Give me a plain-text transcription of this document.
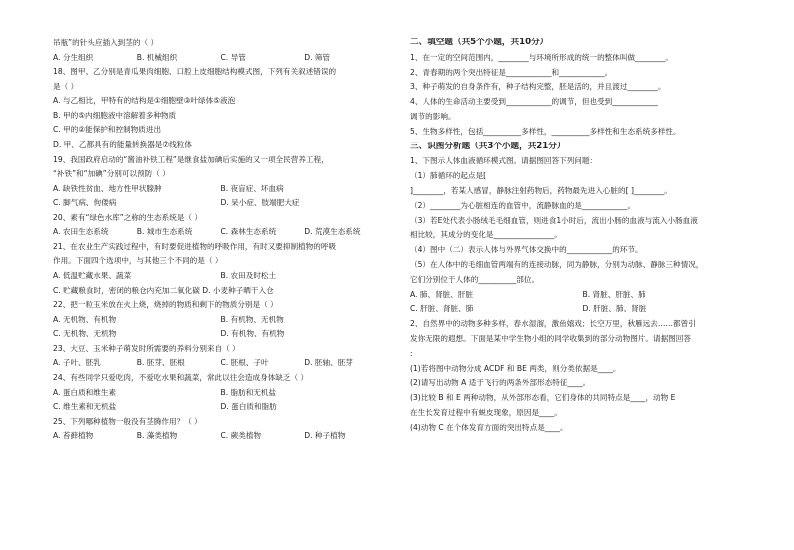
吊瓶”的针头应插入到茎的（ ）
A. 分生组织	B. 机械组织	C. 导管	D. 筛管
18、图甲、乙分别是青瓜果肉细胞、口腔上皮细胞结构模式图，下列有关叙述错误的
是（ ）
A. 与乙相比，甲特有的结构是①细胞壁③叶绿体⑤液泡
B. 甲的⑤内细胞液中溶解着多种物质
C. 甲的②能保护和控制物质进出
D. 甲、乙都具有的能量转换器是⑦线粒体
19、我国政府启动的“酱油补铁工程”是继食盐加碘后实施的又一项全民营养工程，
“补铁”和“加碘”分别可以预防（ ）
A. 缺铁性贫血、地方性甲状腺肿	B. 夜盲症、坏血病
C. 脚气病、佝偻病	D. 呆小症、肢端肥大症
20、素有“绿色水库”之称的生态系统是（ ）
A. 农田生态系统	B. 城市生态系统	C. 森林生态系统	D. 荒漠生态系统
21、在农业生产实践过程中，有时要促进植物的呼吸作用，有时又要抑制植物的呼吸
作用。下面四个选项中，与其他三个不同的是（ ）
A. 低温贮藏水果、蔬菜	B. 农田及时松土
C. 贮藏粮食时，密闭的粮仓内充加二氧化碳 D. 小麦种子晒干入仓
22、把一粒玉米放在火上烧，烧掉的物质和剩下的物质分别是（ ）
A. 无机物、有机物	B. 有机物、无机物
C. 无机物、无机物	D. 有机物、有机物
23、大豆、玉米种子萌发时所需要的养料分别来自（ ）
A. 子叶、胚乳	B. 胚芽、胚根	C. 胚根、子叶	D. 胚轴、胚芽
24、有些同学只爱吃肉，不爱吃水果和蔬菜，常此以往会造成身体缺乏（ ）
A. 蛋白质和维生素	B. 脂肪和无机盐
C. 维生素和无机盐	D. 蛋白质和脂肪
25、下列哪种植物一般没有茎腾作用？（ ）
A. 苔藓植物	B. 藻类植物	C. 蕨类植物	D. 种子植物
二、填空题（共5个小题，共10分）
1、在一定的空间范围内，________与环境所形成的统一的整体叫做________。
2、青春期的两个突出特征是____________和____________。
3、种子萌发的自身条件有，种子结构完整，胚是活的，并且渡过________。
4、人体的生命活动主要受到____________的调节，但也受到____________
调节的影响。
5、生物多样性，包括__________多样性，__________多样性和生态系统多样性。
三、识图分析题（共3个小题，共21分）
1、下图示人体血液循环模式图。请据图回答下列问题：
（1）肺循环的起点是[
]________，若某人感冒，静脉注射药物后，药物最先进入心脏的[ ]________。
（2）________为心脏相连的血管中，流静脉血的是____________。
（3）若E处代表小肠绒毛毛细血管，则进食1小时后，流出小肠的血液与流入小肠血液
相比较，其成分的变化是________________。
（4）图中（二）表示人体与外界气体交换中的____________的环节。
（5）在人体中的毛细血管两端有的连接动脉，同为静脉，分别为动脉、静脉三种情况，
它们分别位于人体的__________部位。
A. 肺、肾脏、肝脏	B. 肾脏、肝脏、肺
C. 肝脏、肾脏、肺	D. 肝脏、肺、肾脏
2、自然界中的动物多种多样，春水湿溜，激鱼嬉戏；长空万里，秋雁远去……都曾引
发你无限的遐想。下面是某中学生物小组的同学收集到的部分动物图片。请据图回答
:
(1)若将图中动物分成 ACDF 和 BE 两类，则分类依据是____。
(2)请写出动物 A 适于飞行的两条外部形态特征____。
(3)比较 B 和 E 两种动物，从外部形态看，它们身体的共同特点是____，动物 E
在生长发育过程中有蜕皮现象，原因是____。
(4)动物 C 在个体发育方面的突出特点是____。
